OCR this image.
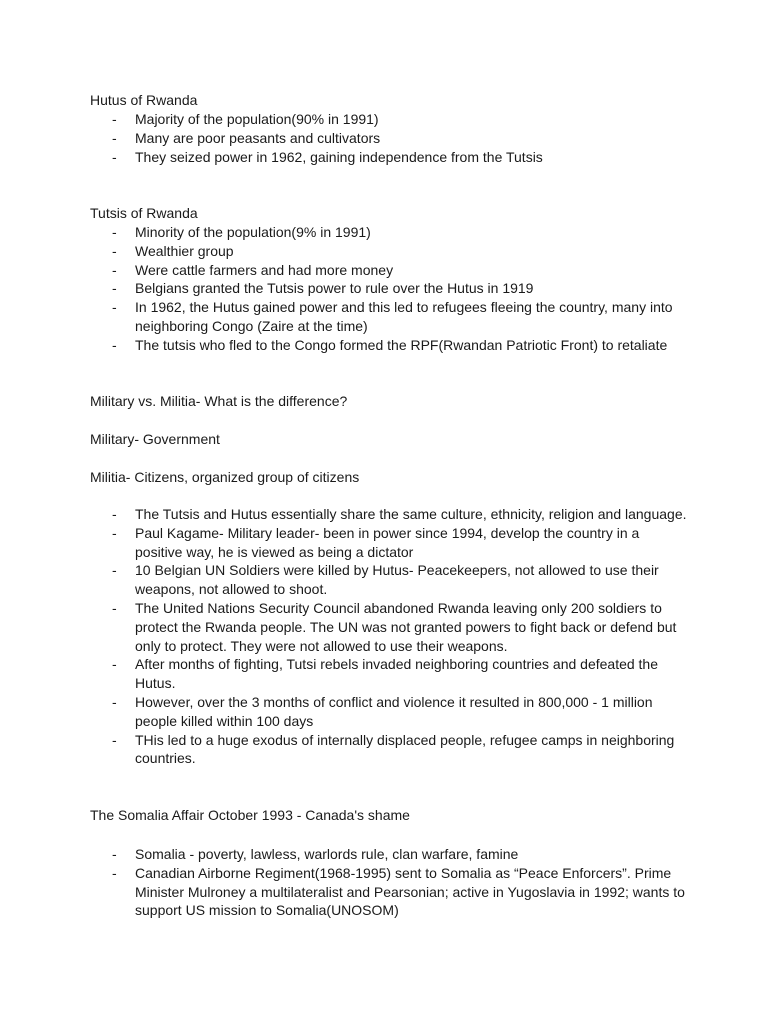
Hutus of Rwanda

- Majority of the population(90% in 1991)
- Many are poor peasants and cultivators
- They seized power in 1962, gaining independence from the Tutsis

Tutsis of Rwanda

- Minority of the population(9% in 1991)
- Wealthier group
- Were cattle farmers and had more money
- Belgians granted the Tutsis power to rule over the Hutus in 1919
- In 1962, the Hutus gained power and this led to refugees fleeing the country, many into neighboring Congo (Zaire at the time)
- The tutsis who fled to the Congo formed the RPF(Rwandan Patriotic Front) to retaliate

Military vs. Militia- What is the difference?

Military- Government

Militia- Citizens, organized group of citizens

- The Tutsis and Hutus essentially share the same culture, ethnicity, religion and language.
- Paul Kagame- Military leader- been in power since 1994, develop the country in a positive way, he is viewed as being a dictator
- 10 Belgian UN Soldiers were killed by Hutus- Peacekeepers, not allowed to use their weapons, not allowed to shoot.
- The United Nations Security Council abandoned Rwanda leaving only 200 soldiers to protect the Rwanda people. The UN was not granted powers to fight back or defend but only to protect. They were not allowed to use their weapons.
- After months of fighting, Tutsi rebels invaded neighboring countries and defeated the Hutus.
- However, over the 3 months of conflict and violence it resulted in 800,000 - 1 million people killed within 100 days
- THis led to a huge exodus of internally displaced people, refugee camps in neighboring countries.

The Somalia Affair October 1993 - Canada's shame

- Somalia - poverty, lawless, warlords rule, clan warfare, famine
- Canadian Airborne Regiment(1968-1995) sent to Somalia as “Peace Enforcers”. Prime Minister Mulroney a multilateralist and Pearsonian; active in Yugoslavia in 1992; wants to support US mission to Somalia(UNOSOM)
